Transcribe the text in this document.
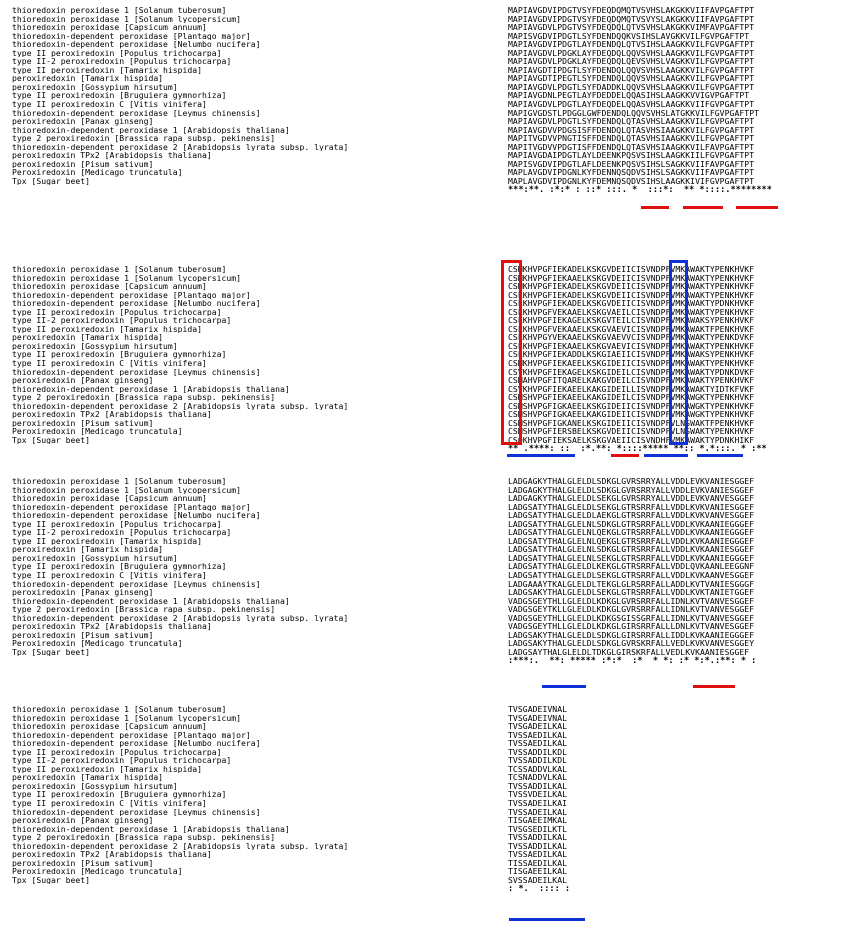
thioredoxin peroxidase 1 [Solanum tuberosum]
thioredoxin peroxidase 1 [Solanum lycopersicum]
thioredoxin peroxidase [Capsicum annuum]
thioredoxin-dependent peroxidase [Plantago major]
thioredoxin-dependent peroxidase [Nelumbo nucifera]
type II peroxiredoxin [Populus trichocarpa]
type II-2 peroxiredoxin [Populus trichocarpa]
type II peroxiredoxin [Tamarix hispida]
peroxiredoxin [Tamarix hispida]
peroxiredoxin [Gossypium hirsutum]
type II peroxiredoxin [Bruguiera gymnorhiza]
type II peroxiredoxin C [Vitis vinifera]
thioredoxin-dependent peroxidase [Leymus chinensis]
peroxiredoxin [Panax ginseng]
thioredoxin-dependent peroxidase 1 [Arabidopsis thaliana]
type 2 peroxiredoxin [Brassica rapa subsp. pekinensis]
thioredoxin-dependent peroxidase 2 [Arabidopsis lyrata subsp. lyrata]
peroxiredoxin TPx2 [Arabidopsis thaliana]
peroxiredoxin [Pisum sativum]
Peroxiredoxin [Medicago truncatula]
Tpx [Sugar beet]
MAPIAVGDVIPDGTVSYFDEQDQMQTVSVHSLAKGKKVIIFAVPGAFTPT
MAPIAVGDVIPDGTVSYFDEQDQMQTVSVYSLAKGKKVIIFAVPGAFTPT
MAPIAVGDVLPDGTVSYFDEQDQLQTVSVHSLAKGKKVIMFAVPGAFTPT
MAPISVGDVIPDGTLSYFDENDQQKVSIHSLAVGKKVILFGVPGAFTPT
MAPIAVGDVIPDGTLAYFDENDQLQTVSIHSLAAGKKVILFGVPGAFTPT
MAPIAVGDVLPDGKLAYFDEQDQLQQVSVHSLAAGKKVILFGVPGAFTPT
MAPIAVGDVLPDGKLAYFDEQDQLQEVSVHSLVAGKKVILFGVPGAFTPT
MAPIAVGDTIPDGTLSYFDENDQLQQVSVHSLAAGKKVILFGVPGAFTPT
MAPIAVGDTIPEGTLSYFDENDQLQQVSVHSLAAGKKVILFGVPGAFTPT
MAPIAVGDVLPDGTLSYFDADDKLQQVSVHSLAAGKKVILFGVPGAFTPT
MAPIAVGDNLPEGTLAYFDEDDELQQASIHSLAAGKKVVIGVPGAFTPT
MAPIAVGDVLPDGTLAYFDEQDELQQASVHSLAAGKKVIIFGVPGAFTPT
MAPIGVGDSTLPDGGLGWFDENDQLQQVSVHSLATGKKVILFGVPGAFTPT
MAPIAVGDVLPDGTLSYFDENDQLQTASVHSLAAGKKVILFGVPGAFTPT
MAPIAVGDVVPDGSISFFDENDQLQTASVHSIAAGKKVILFGVPGAFTPT
MAPITVGDVVPNGTISFFDENDQLQTASVHSIAAGKKVILFGVPGAFTPT
MAPITVGDVVPDGTISFFDENDQLQTASVHSIAAGKKVILFAVPGAFTPT
MAPIAVGDAIPDGTLAYLDEENKPQSVSIHSLAAGKKIILFGVPGAFTPT
MAPISVGDVIPDGTLAFLDEENKPQSVSIHSLSAGKKVIIFAVPGAFTPT
MAPLAVGDVIPDGNLKYFDENNQSQDVSIHSLSAGKKVIIFAVPGAFTPT
MAPLAVGDVIPDGNLKYFDEMNQSQDVSIHSLAAGKKIVIFGVPGAFTPT
***:**. :*:* : ::* :::. *  :::*:  ** *::::.********
thioredoxin peroxidase 1 [Solanum tuberosum]
thioredoxin peroxidase 1 [Solanum lycopersicum]
thioredoxin peroxidase [Capsicum annuum]
thioredoxin-dependent peroxidase [Plantago major]
thioredoxin-dependent peroxidase [Nelumbo nucifera]
type II peroxiredoxin [Populus trichocarpa]
type II-2 peroxiredoxin [Populus trichocarpa]
type II peroxiredoxin [Tamarix hispida]
peroxiredoxin [Tamarix hispida]
peroxiredoxin [Gossypium hirsutum]
type II peroxiredoxin [Bruguiera gymnorhiza]
type II peroxiredoxin C [Vitis vinifera]
thioredoxin-dependent peroxidase [Leymus chinensis]
peroxiredoxin [Panax ginseng]
thioredoxin-dependent peroxidase 1 [Arabidopsis thaliana]
type 2 peroxiredoxin [Brassica rapa subsp. pekinensis]
thioredoxin-dependent peroxidase 2 [Arabidopsis lyrata subsp. lyrata]
peroxiredoxin TPx2 [Arabidopsis thaliana]
peroxiredoxin [Pisum sativum]
Peroxiredoxin [Medicago truncatula]
Tpx [Sugar beet]
CSMKHVPGFIEKADELKSKGVDEIICISVNDPFVMKAWAKTYPENKHVKF
CSMKHVPGFIEKAAELKSKGVDEIICISVNDPFVMKAWAKTYPENKHVKF
CSMKHVPGFIEKADELKSKGVDEIICISVNDPFVMKAWAKTYPENKHVKF
CSLKHVPGFIEKADELKSKGVDEIICISVNDPFVMKAWAKTYPENKHVKF
CSLKHVPGFIEKADELKSKGVDEIICISVNDPFVMKAWAKTYPDNKHVKF
CSLKHVPGFVEKAAELKSKGVAEILCISVNDPFVMKAWAKTYPENKHVKF
CSLKHVPGFIEKAGELKSKGVTEILCISVNDPFVMKAWAKSYPENKHVKF
CSLKHVPGFVEKAAELKSKGVAEVICISVNDPFVMKAWAKTFPENKHVKF
CSLKHVPGYVEKAAELKSKGVAEVVCISVNDPFVMKAWAKTYPENKDVKF
CSLKHVPGFIEKAAELKSKGVAEVICISVNDPFVMKAWAKTYPENKHVKF
CSLKHVPGFIEKADDLKSKGIAEIICISVNDPFVMKAWAKSYPENKHVKF
CSMKHVPGFIEKAEELKSKGIDEIICISVNDPFVMKAWAKTYPENKHVKF
CSVKHVPGFIEKAGELKSKGIDEILCISVNDPFVMKAWAKTYPDNKDVKF
CSMAHVPGFITQARELKAKGVDEILCISVNDPFVMKAWAKTYPENKHVKF
CSVKHVPGFIEKAEELKAKGIDEILLISVNDPFVMKAWAKTYIDTKFVKF
CSMSHVPGFIEKAEELKAKGIDEILCISVNDPFVMKAWGKTYPENKHVKF
CSMSHVPGFIGKAEELKSKGIDEIICISVNDPFVMKAWGKTYPENKHVKF
CSMSHVPGFIGKAEELKAKGIDEIICISVNDPFVMKAWGKTYPENKHVKF
CSMSHVPGFIGKANELKSKGIDEIICISVNDPFVLNSWAKTFPENKHVKF
CSMSHVPGFIERSBELKSKGVDEIICISVNDPFVLNSWAKTYPENKHVKF
CSQKHVPGFIEKSAELKSKGVAEIICISVNDHFVMKAWAKTYPDNKHIKF
** .****: ::  :*.**: *::::***** **:: *.*:::. * :**
thioredoxin peroxidase 1 [Solanum tuberosum]
thioredoxin peroxidase 1 [Solanum lycopersicum]
thioredoxin peroxidase [Capsicum annuum]
thioredoxin-dependent peroxidase [Plantago major]
thioredoxin-dependent peroxidase [Nelumbo nucifera]
type II peroxiredoxin [Populus trichocarpa]
type II-2 peroxiredoxin [Populus trichocarpa]
type II peroxiredoxin [Tamarix hispida]
peroxiredoxin [Tamarix hispida]
peroxiredoxin [Gossypium hirsutum]
type II peroxiredoxin [Bruguiera gymnorhiza]
type II peroxiredoxin C [Vitis vinifera]
thioredoxin-dependent peroxidase [Leymus chinensis]
peroxiredoxin [Panax ginseng]
thioredoxin-dependent peroxidase 1 [Arabidopsis thaliana]
type 2 peroxiredoxin [Brassica rapa subsp. pekinensis]
thioredoxin-dependent peroxidase 2 [Arabidopsis lyrata subsp. lyrata]
peroxiredoxin TPx2 [Arabidopsis thaliana]
peroxiredoxin [Pisum sativum]
Peroxiredoxin [Medicago truncatula]
Tpx [Sugar beet]
LADGAGKYTHALGLELDLSDKGLGVRSRRYALLVDDLEVKVANIESGGEF
LADGAGKYTHALGLELDLSDKGLGVRSRRYALLVDDLEVKVANIESGGEF
LADGAGKYTHALGLELDLSEKGLGVRSRRYALLVDDLEVKVANVESGGEF
LADGSATYTHALGLELDLSEKGLGTRSRRFALLVDDLKVKVANIESGGEF
LADGSATYTHALGLELDLAEKGLGTRSRRFALLVDDLKVKVANVESGGEF
LADGSATYTHALGLELNLSDKGLGTRSRRFALLVDDLKVKAANIEGGGEF
LADGSATYTHALGLELNLQEKGLGTRSRRFALLVDDLKVKAANIEGGGEF
LADGSATYTHALGLELNLQEKGLGTRSRRFALLVDDLKVKAANIEGGGEF
LADGSATYTHALGLELNLSDKGLGTRSRRFALLVDDLKVKAANIESGGEF
LADGSATYTHALGLELNLSEKGLGTRSRRFALLVDDLKVKAANIEGGGEF
LADGSATYTHALGLELDLKEKGLGTRSRRFALLVDDLQVKAANLEEGGNF
LADGSATYTHALGLELDLSEKGLGTRSRRFALLVDDLKVKAANVESGGEF
LADGAAAYTKALGLELDLTEKGLGLRSRRFALLADDLKVTVANIESGGGF
LADGSAKYTHALGLELDLSEKGLGTRSRRFALLVDDLKVKTANIETGGEF
VADGSGEYTHLLGLELDLKDKGLGVRSRRFALLIDNLKVTVANVESGGEF
VADGSGEYTKLLGLELDLKDKGLGVRSRRFALLIDNLKVTVANVESGGEF
VADGSGEYTHLLGLELDLKDKGSGISSGRFALLIDNLKVTVANVESGGEF
VADGSGEYTHLLGLELDLKDKGLGIRSRRFALLLDNLKVTVANVESGGEF
LADGSAKYTHALGLELDLSDKGLGIRSRRFALLIDDLKVKAANIEGGGEF
LADGSAKYTHALGLELDLSDKGLGVRSKRFALLVEDLKVKVANVESGGEY
LADGSAYTHALGLELDLTDKGLGIRSKRFALLVEDLKVKAANIESGGEF
:***:.  **: ***** :*:*  :*  * *: :* *:*.:**: * :
thioredoxin peroxidase 1 [Solanum tuberosum]
thioredoxin peroxidase 1 [Solanum lycopersicum]
thioredoxin peroxidase [Capsicum annuum]
thioredoxin-dependent peroxidase [Plantago major]
thioredoxin-dependent peroxidase [Nelumbo nucifera]
type II peroxiredoxin [Populus trichocarpa]
type II-2 peroxiredoxin [Populus trichocarpa]
type II peroxiredoxin [Tamarix hispida]
peroxiredoxin [Tamarix hispida]
peroxiredoxin [Gossypium hirsutum]
type II peroxiredoxin [Bruguiera gymnorhiza]
type II peroxiredoxin C [Vitis vinifera]
thioredoxin-dependent peroxidase [Leymus chinensis]
peroxiredoxin [Panax ginseng]
thioredoxin-dependent peroxidase 1 [Arabidopsis thaliana]
type 2 peroxiredoxin [Brassica rapa subsp. pekinensis]
thioredoxin-dependent peroxidase 2 [Arabidopsis lyrata subsp. lyrata]
peroxiredoxin TPx2 [Arabidopsis thaliana]
peroxiredoxin [Pisum sativum]
Peroxiredoxin [Medicago truncatula]
Tpx [Sugar beet]
TVSGADEIVNAL
TVSGADEIVNAL
TVSGADEILKAL
TVSSAEDILKAL
TVSSAEDILKAL
TVSSADDILKDL
TVSSADDILKDL
TCSSADDVLKAL
TCSNADDVLKAL
TVSSADDILKAL
TVSSVDEILKAL
TVSSADEILKAI
TVSSADEILKAL
TISGAEEIMKAL
TVSGSEDILKTL
TVSSADDILKAL
TVSSADDILKAL
TVSSAEDILKAL
TISSAEDILKAL
TISGAEEILKAL
SVSSADEILKAL
: *.  :::: :
